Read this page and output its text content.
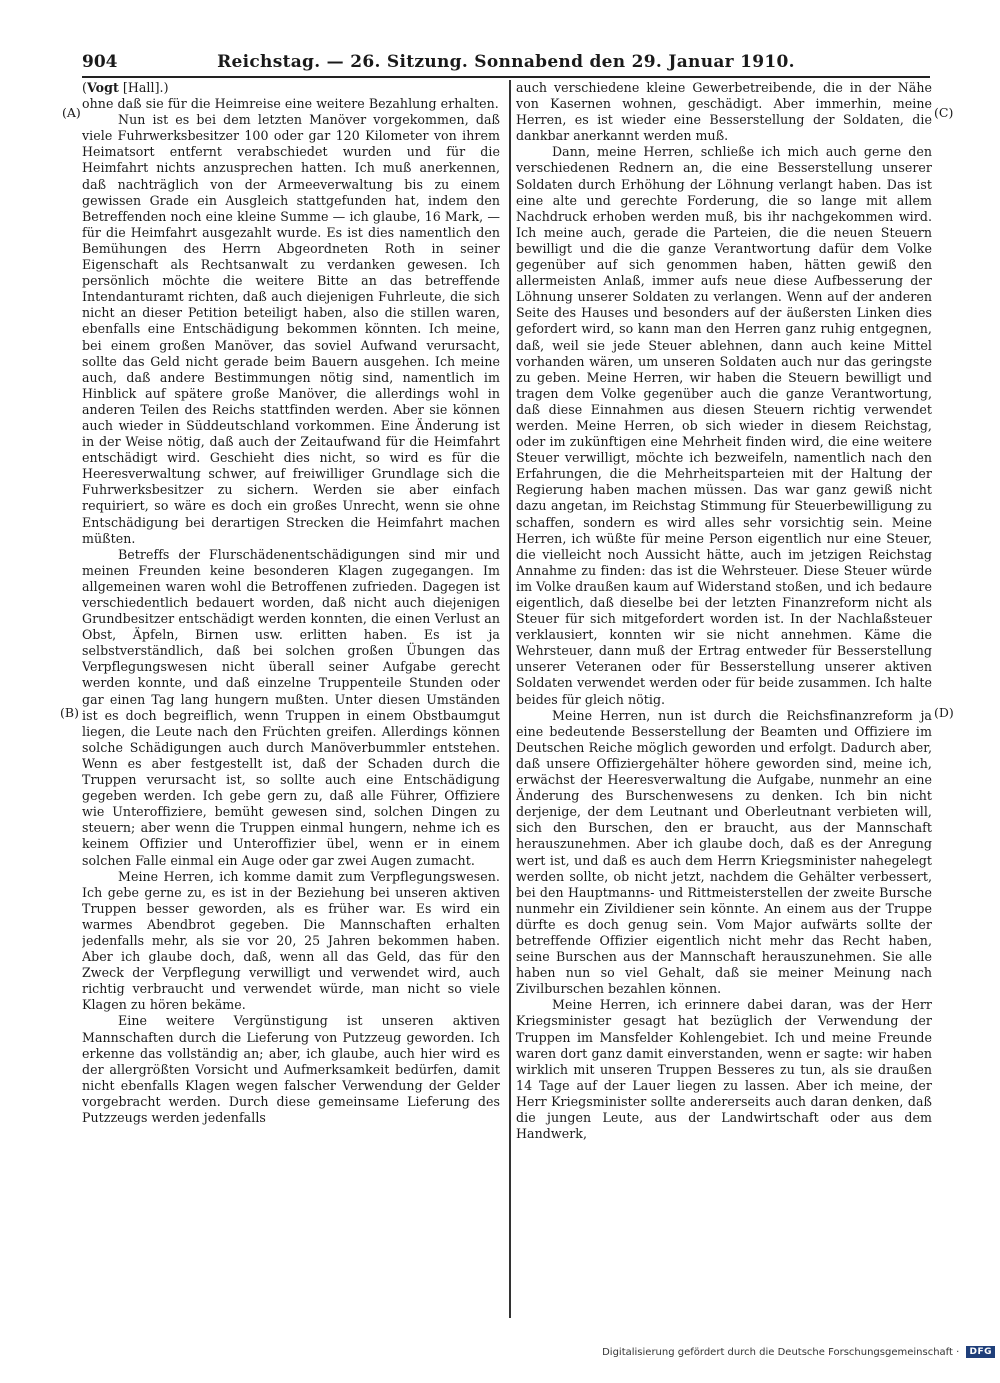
904	Reichstag. — 26. Sitzung. Sonnabend den 29. Januar 1910.
(A)
(B)
(C)
(D)
(Vogt [Hall].)

ohne daß sie für die Heimreise eine weitere Bezahlung erhalten.

Nun ist es bei dem letzten Manöver vorgekommen, daß viele Fuhrwerksbesitzer 100 oder gar 120 Kilometer von ihrem Heimatsort entfernt verabschiedet wurden und für die Heimfahrt nichts anzusprechen hatten. Ich muß anerkennen, daß nachträglich von der Armeeverwaltung bis zu einem gewissen Grade ein Ausgleich stattgefunden hat, indem den Betreffenden noch eine kleine Summe — ich glaube, 16 Mark, — für die Heimfahrt ausgezahlt wurde. Es ist dies namentlich den Bemühungen des Herrn Abgeordneten Roth in seiner Eigenschaft als Rechtsanwalt zu verdanken gewesen. Ich persönlich möchte die weitere Bitte an das betreffende Intendanturamt richten, daß auch diejenigen Fuhrleute, die sich nicht an dieser Petition beteiligt haben, also die stillen waren, ebenfalls eine Entschädigung bekommen könnten. Ich meine, bei einem großen Manöver, das soviel Aufwand verursacht, sollte das Geld nicht gerade beim Bauern ausgehen. Ich meine auch, daß andere Bestimmungen nötig sind, namentlich im Hinblick auf spätere große Manöver, die allerdings wohl in anderen Teilen des Reichs stattfinden werden. Aber sie können auch wieder in Süddeutschland vorkommen. Eine Änderung ist in der Weise nötig, daß auch der Zeitaufwand für die Heimfahrt entschädigt wird. Geschieht dies nicht, so wird es für die Heeresverwaltung schwer, auf freiwilliger Grundlage sich die Fuhrwerksbesitzer zu sichern. Werden sie aber einfach requiriert, so wäre es doch ein großes Unrecht, wenn sie ohne Entschädigung bei derartigen Strecken die Heimfahrt machen müßten.

Betreffs der Flurschädenentschädigungen sind mir und meinen Freunden keine besonderen Klagen zugegangen. Im allgemeinen waren wohl die Betroffenen zufrieden. Dagegen ist verschiedentlich bedauert worden, daß nicht auch diejenigen Grundbesitzer entschädigt werden konnten, die einen Verlust an Obst, Äpfeln, Birnen usw. erlitten haben. Es ist ja selbstverständlich, daß bei solchen großen Übungen das Verpflegungswesen nicht überall seiner Aufgabe gerecht werden konnte, und daß einzelne Truppenteile Stunden oder gar einen Tag lang hungern mußten. Unter diesen Umständen ist es doch begreiflich, wenn Truppen in einem Obstbaumgut liegen, die Leute nach den Früchten greifen. Allerdings können solche Schädigungen auch durch Manöverbummler entstehen. Wenn es aber festgestellt ist, daß der Schaden durch die Truppen verursacht ist, so sollte auch eine Entschädigung gegeben werden. Ich gebe gern zu, daß alle Führer, Offiziere wie Unteroffiziere, bemüht gewesen sind, solchen Dingen zu steuern; aber wenn die Truppen einmal hungern, nehme ich es keinem Offizier und Unteroffizier übel, wenn er in einem solchen Falle einmal ein Auge oder gar zwei Augen zumacht.

Meine Herren, ich komme damit zum Verpflegungswesen. Ich gebe gerne zu, es ist in der Beziehung bei unseren aktiven Truppen besser geworden, als es früher war. Es wird ein warmes Abendbrot gegeben. Die Mannschaften erhalten jedenfalls mehr, als sie vor 20, 25 Jahren bekommen haben. Aber ich glaube doch, daß, wenn all das Geld, das für den Zweck der Verpflegung verwilligt und verwendet wird, auch richtig verbraucht und verwendet würde, man nicht so viele Klagen zu hören bekäme.

Eine weitere Vergünstigung ist unseren aktiven Mannschaften durch die Lieferung von Putzzeug geworden. Ich erkenne das vollständig an; aber, ich glaube, auch hier wird es der allergrößten Vorsicht und Aufmerksamkeit bedürfen, damit nicht ebenfalls Klagen wegen falscher Verwendung der Gelder vorgebracht werden. Durch diese gemeinsame Lieferung des Putzzeugs werden jedenfalls

auch verschiedene kleine Gewerbetreibende, die in der Nähe von Kasernen wohnen, geschädigt. Aber immerhin, meine Herren, es ist wieder eine Besserstellung der Soldaten, die dankbar anerkannt werden muß.

Dann, meine Herren, schließe ich mich auch gerne den verschiedenen Rednern an, die eine Besserstellung unserer Soldaten durch Erhöhung der Löhnung verlangt haben. Das ist eine alte und gerechte Forderung, die so lange mit allem Nachdruck erhoben werden muß, bis ihr nachgekommen wird. Ich meine auch, gerade die Parteien, die die neuen Steuern bewilligt und die die ganze Verantwortung dafür dem Volke gegenüber auf sich genommen haben, hätten gewiß den allermeisten Anlaß, immer aufs neue diese Aufbesserung der Löhnung unserer Soldaten zu verlangen. Wenn auf der anderen Seite des Hauses und besonders auf der äußersten Linken dies gefordert wird, so kann man den Herren ganz ruhig entgegnen, daß, weil sie jede Steuer ablehnen, dann auch keine Mittel vorhanden wären, um unseren Soldaten auch nur das geringste zu geben. Meine Herren, wir haben die Steuern bewilligt und tragen dem Volke gegenüber auch die ganze Verantwortung, daß diese Einnahmen aus diesen Steuern richtig verwendet werden. Meine Herren, ob sich wieder in diesem Reichstag, oder im zukünftigen eine Mehrheit finden wird, die eine weitere Steuer verwilligt, möchte ich bezweifeln, namentlich nach den Erfahrungen, die die Mehrheitsparteien mit der Haltung der Regierung haben machen müssen. Das war ganz gewiß nicht dazu angetan, im Reichstag Stimmung für Steuerbewilligung zu schaffen, sondern es wird alles sehr vorsichtig sein. Meine Herren, ich wüßte für meine Person eigentlich nur eine Steuer, die vielleicht noch Aussicht hätte, auch im jetzigen Reichstag Annahme zu finden: das ist die Wehrsteuer. Diese Steuer würde im Volke draußen kaum auf Widerstand stoßen, und ich bedaure eigentlich, daß dieselbe bei der letzten Finanzreform nicht als Steuer für sich mitgefordert worden ist. In der Nachlaßsteuer verklausiert, konnten wir sie nicht annehmen. Käme die Wehrsteuer, dann muß der Ertrag entweder für Besserstellung unserer Veteranen oder für Besserstellung unserer aktiven Soldaten verwendet werden oder für beide zusammen. Ich halte beides für gleich nötig.

Meine Herren, nun ist durch die Reichsfinanzreform ja eine bedeutende Besserstellung der Beamten und Offiziere im Deutschen Reiche möglich geworden und erfolgt. Dadurch aber, daß unsere Offiziergehälter höhere geworden sind, meine ich, erwächst der Heeresverwaltung die Aufgabe, nunmehr an eine Änderung des Burschenwesens zu denken. Ich bin nicht derjenige, der dem Leutnant und Oberleutnant verbieten will, sich den Burschen, den er braucht, aus der Mannschaft herauszunehmen. Aber ich glaube doch, daß es der Anregung wert ist, und daß es auch dem Herrn Kriegsminister nahegelegt werden sollte, ob nicht jetzt, nachdem die Gehälter verbessert, bei den Hauptmanns- und Rittmeisterstellen der zweite Bursche nunmehr ein Zivildiener sein könnte. An einem aus der Truppe dürfte es doch genug sein. Vom Major aufwärts sollte der betreffende Offizier eigentlich nicht mehr das Recht haben, seine Burschen aus der Mannschaft herauszunehmen. Sie alle haben nun so viel Gehalt, daß sie meiner Meinung nach Zivilburschen bezahlen können.

Meine Herren, ich erinnere dabei daran, was der Herr Kriegsminister gesagt hat bezüglich der Verwendung der Truppen im Mansfelder Kohlengebiet. Ich und meine Freunde waren dort ganz damit einverstanden, wenn er sagte: wir haben wirklich mit unseren Truppen Besseres zu tun, als sie draußen 14 Tage auf der Lauer liegen zu lassen. Aber ich meine, der Herr Kriegsminister sollte andererseits auch daran denken, daß die jungen Leute, aus der Landwirtschaft oder aus dem Handwerk,

Digitalisierung gefördert durch die Deutsche Forschungsgemeinschaft · DFG
